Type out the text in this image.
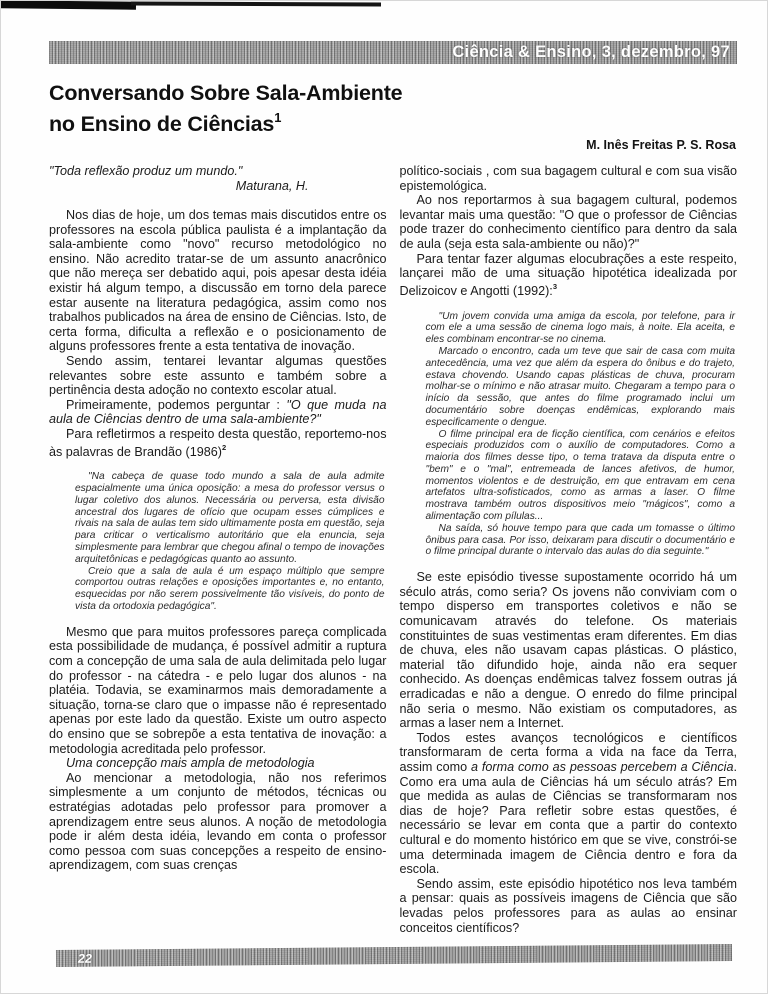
Ciência & Ensino, 3, dezembro, 97
Conversando Sobre Sala-Ambiente
no Ensino de Ciências$^1$
M. Inês Freitas P. S. Rosa

"Toda reflexão produz um mundo."

Maturana, H.

Nos dias de hoje, um dos temas mais discutidos entre os professores na escola pública paulista é a implantação da sala-ambiente como "novo" recurso metodológico no ensino. Não acredito tratar-se de um assunto anacrônico que não mereça ser debatido aqui, pois apesar desta idéia existir há algum tempo, a discussão em torno dela parece estar ausente na literatura pedagógica, assim como nos trabalhos publicados na área de ensino de Ciências. Isto, de certa forma, dificulta a reflexão e o posicionamento de alguns professores frente a esta tentativa de inovação.

Sendo assim, tentarei levantar algumas questões relevantes sobre este assunto e também sobre a pertinência desta adoção no contexto escolar atual.

Primeiramente, podemos perguntar : "O que muda na aula de Ciências dentro de uma sala-ambiente?"

Para refletirmos a respeito desta questão, reportemo-nos às palavras de Brandão (1986)$^2$

"Na cabeça de quase todo mundo a sala de aula admite espacialmente uma única oposição: a mesa do professor versus o lugar coletivo dos alunos. Necessária ou perversa, esta divisão ancestral dos lugares de ofício que ocupam esses cúmplices e rivais na sala de aulas tem sido ultimamente posta em questão, seja para criticar o verticalismo autoritário que ela enuncia, seja simplesmente para lembrar que chegou afinal o tempo de inovações arquitetônicas e pedagógicas quanto ao assunto.

Creio que a sala de aula é um espaço múltiplo que sempre comportou outras relações e oposições importantes e, no entanto, esquecidas por não serem possivelmente tão visíveis, do ponto de vista da ortodoxia pedagógica".

Mesmo que para muitos professores pareça complicada esta possibilidade de mudança, é possível admitir a ruptura com a concepção de uma sala de aula delimitada pelo lugar do professor - na cátedra - e pelo lugar dos alunos - na platéia. Todavia, se examinarmos mais demoradamente a situação, torna-se claro que o impasse não é representado apenas por este lado da questão. Existe um outro aspecto do ensino que se sobrepõe a esta tentativa de inovação: a metodologia acreditada pelo professor.

Uma concepção mais ampla de metodologia

Ao mencionar a metodologia, não nos referimos simplesmente a um conjunto de métodos, técnicas ou estratégias adotadas pelo professor para promover a aprendizagem entre seus alunos. A noção de metodologia pode ir além desta idéia, levando em conta o professor como pessoa com suas concepções a respeito de ensino-aprendizagem, com suas crenças

político-sociais , com sua bagagem cultural e com sua visão epistemológica.

Ao nos reportarmos à sua bagagem cultural, podemos levantar mais uma questão: "O que o professor de Ciências pode trazer do conhecimento científico para dentro da sala de aula (seja esta sala-ambiente ou não)?"

Para tentar fazer algumas elocubrações a este respeito, lançarei mão de uma situação hipotética idealizada por Delizoicov e Angotti (1992):$^3$

"Um jovem convida uma amiga da escola, por telefone, para ir com ele a uma sessão de cinema logo mais, à noite. Ela aceita, e eles combinam encontrar-se no cinema.

Marcado o encontro, cada um teve que sair de casa com muita antecedência, uma vez que além da espera do ônibus e do trajeto, estava chovendo. Usando capas plásticas de chuva, procuram molhar-se o mínimo e não atrasar muito. Chegaram a tempo para o início da sessão, que antes do filme programado inclui um documentário sobre doenças endêmicas, explorando mais especificamente o dengue.

O filme principal era de ficção científica, com cenários e efeitos especiais produzidos com o auxílio de computadores. Como a maioria dos filmes desse tipo, o tema tratava da disputa entre o "bem" e o "mal", entremeada de lances afetivos, de humor, momentos violentos e de destruição, em que entravam em cena artefatos ultra-sofisticados, como as armas a laser. O filme mostrava também outros dispositivos meio "mágicos", como a alimentação com pílulas...

Na saída, só houve tempo para que cada um tomasse o último ônibus para casa. Por isso, deixaram para discutir o documentário e o filme principal durante o intervalo das aulas do dia seguinte."

Se este episódio tivesse supostamente ocorrido há um século atrás, como seria? Os jovens não conviviam com o tempo disperso em transportes coletivos e não se comunicavam através do telefone. Os materiais constituintes de suas vestimentas eram diferentes. Em dias de chuva, eles não usavam capas plásticas. O plástico, material tão difundido hoje, ainda não era sequer conhecido. As doenças endêmicas talvez fossem outras já erradicadas e não a dengue. O enredo do filme principal não seria o mesmo. Não existiam os computadores, as armas a laser nem a Internet.

Todos estes avanços tecnológicos e científicos transformaram de certa forma a vida na face da Terra, assim como a forma como as pessoas percebem a Ciência. Como era uma aula de Ciências há um século atrás? Em que medida as aulas de Ciências se transformaram nos dias de hoje? Para refletir sobre estas questões, é necessário se levar em conta que a partir do contexto cultural e do momento histórico em que se vive, constrói-se uma determinada imagem de Ciência dentro e fora da escola.

Sendo assim, este episódio hipotético nos leva também a pensar: quais as possíveis imagens de Ciência que são levadas pelos professores para as aulas ao ensinar conceitos científicos?

22
